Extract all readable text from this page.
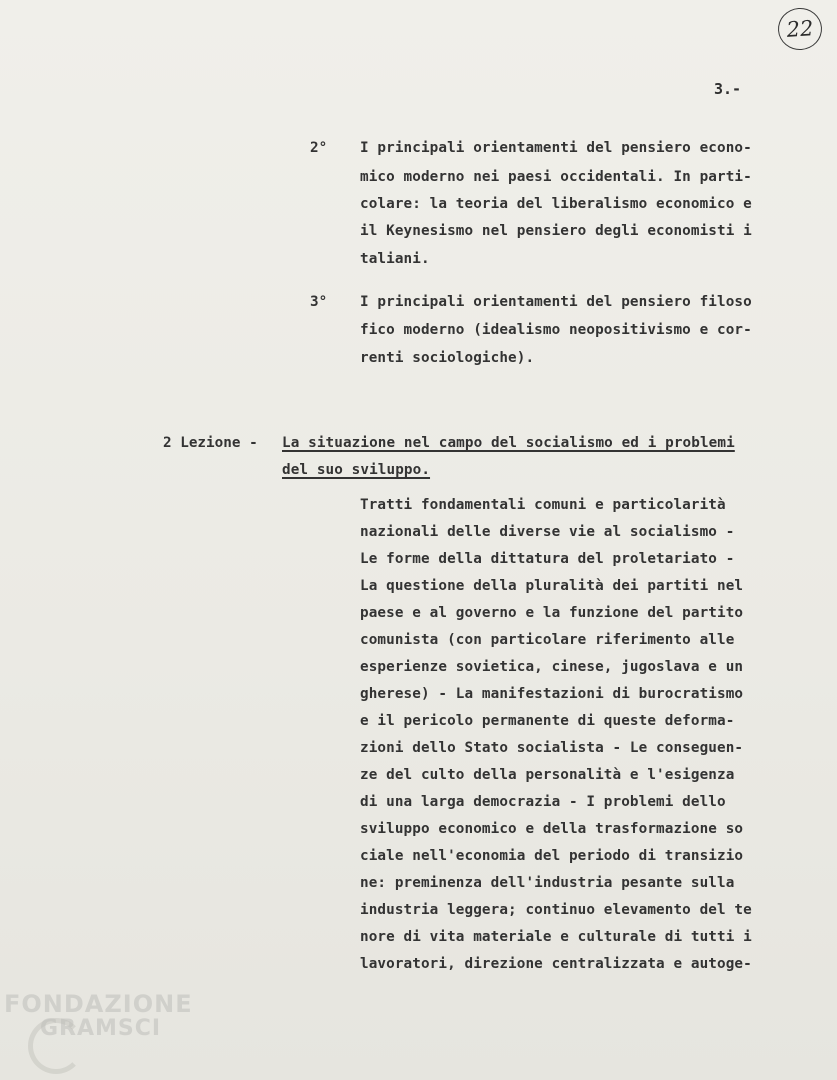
22
3.-
2° I principali orientamenti del pensiero econo-
mico moderno nei paesi occidentali. In parti-
colare: la teoria del liberalismo economico e
il Keynesismo nel pensiero degli economisti i
taliani.
3° I principali orientamenti del pensiero filoso
fico moderno (idealismo neopositivismo e cor-
renti sociologiche).
2 Lezione - La situazione nel campo del socialismo ed i problemi
del suo sviluppo.
Tratti fondamentali comuni e particolarità
nazionali delle diverse vie al socialismo -
Le forme della dittatura del proletariato -
La questione della pluralità dei partiti nel
paese e al governo e la funzione del partito
comunista (con particolare riferimento alle
esperienze sovietica, cinese, jugoslava e un
gherese) - La manifestazioni di burocratismo
e il pericolo permanente di queste deforma-
zioni dello Stato socialista - Le conseguen-
ze del culto della personalità e l'esigenza
di una larga democrazia - I problemi dello
sviluppo economico e della trasformazione so
ciale nell'economia del periodo di transizio
ne: preminenza dell'industria pesante sulla
industria leggera; continuo elevamento del te
nore di vita materiale e culturale di tutti i
lavoratori, direzione centralizzata e autoge-
FONDAZIONE
GRAMSCI
